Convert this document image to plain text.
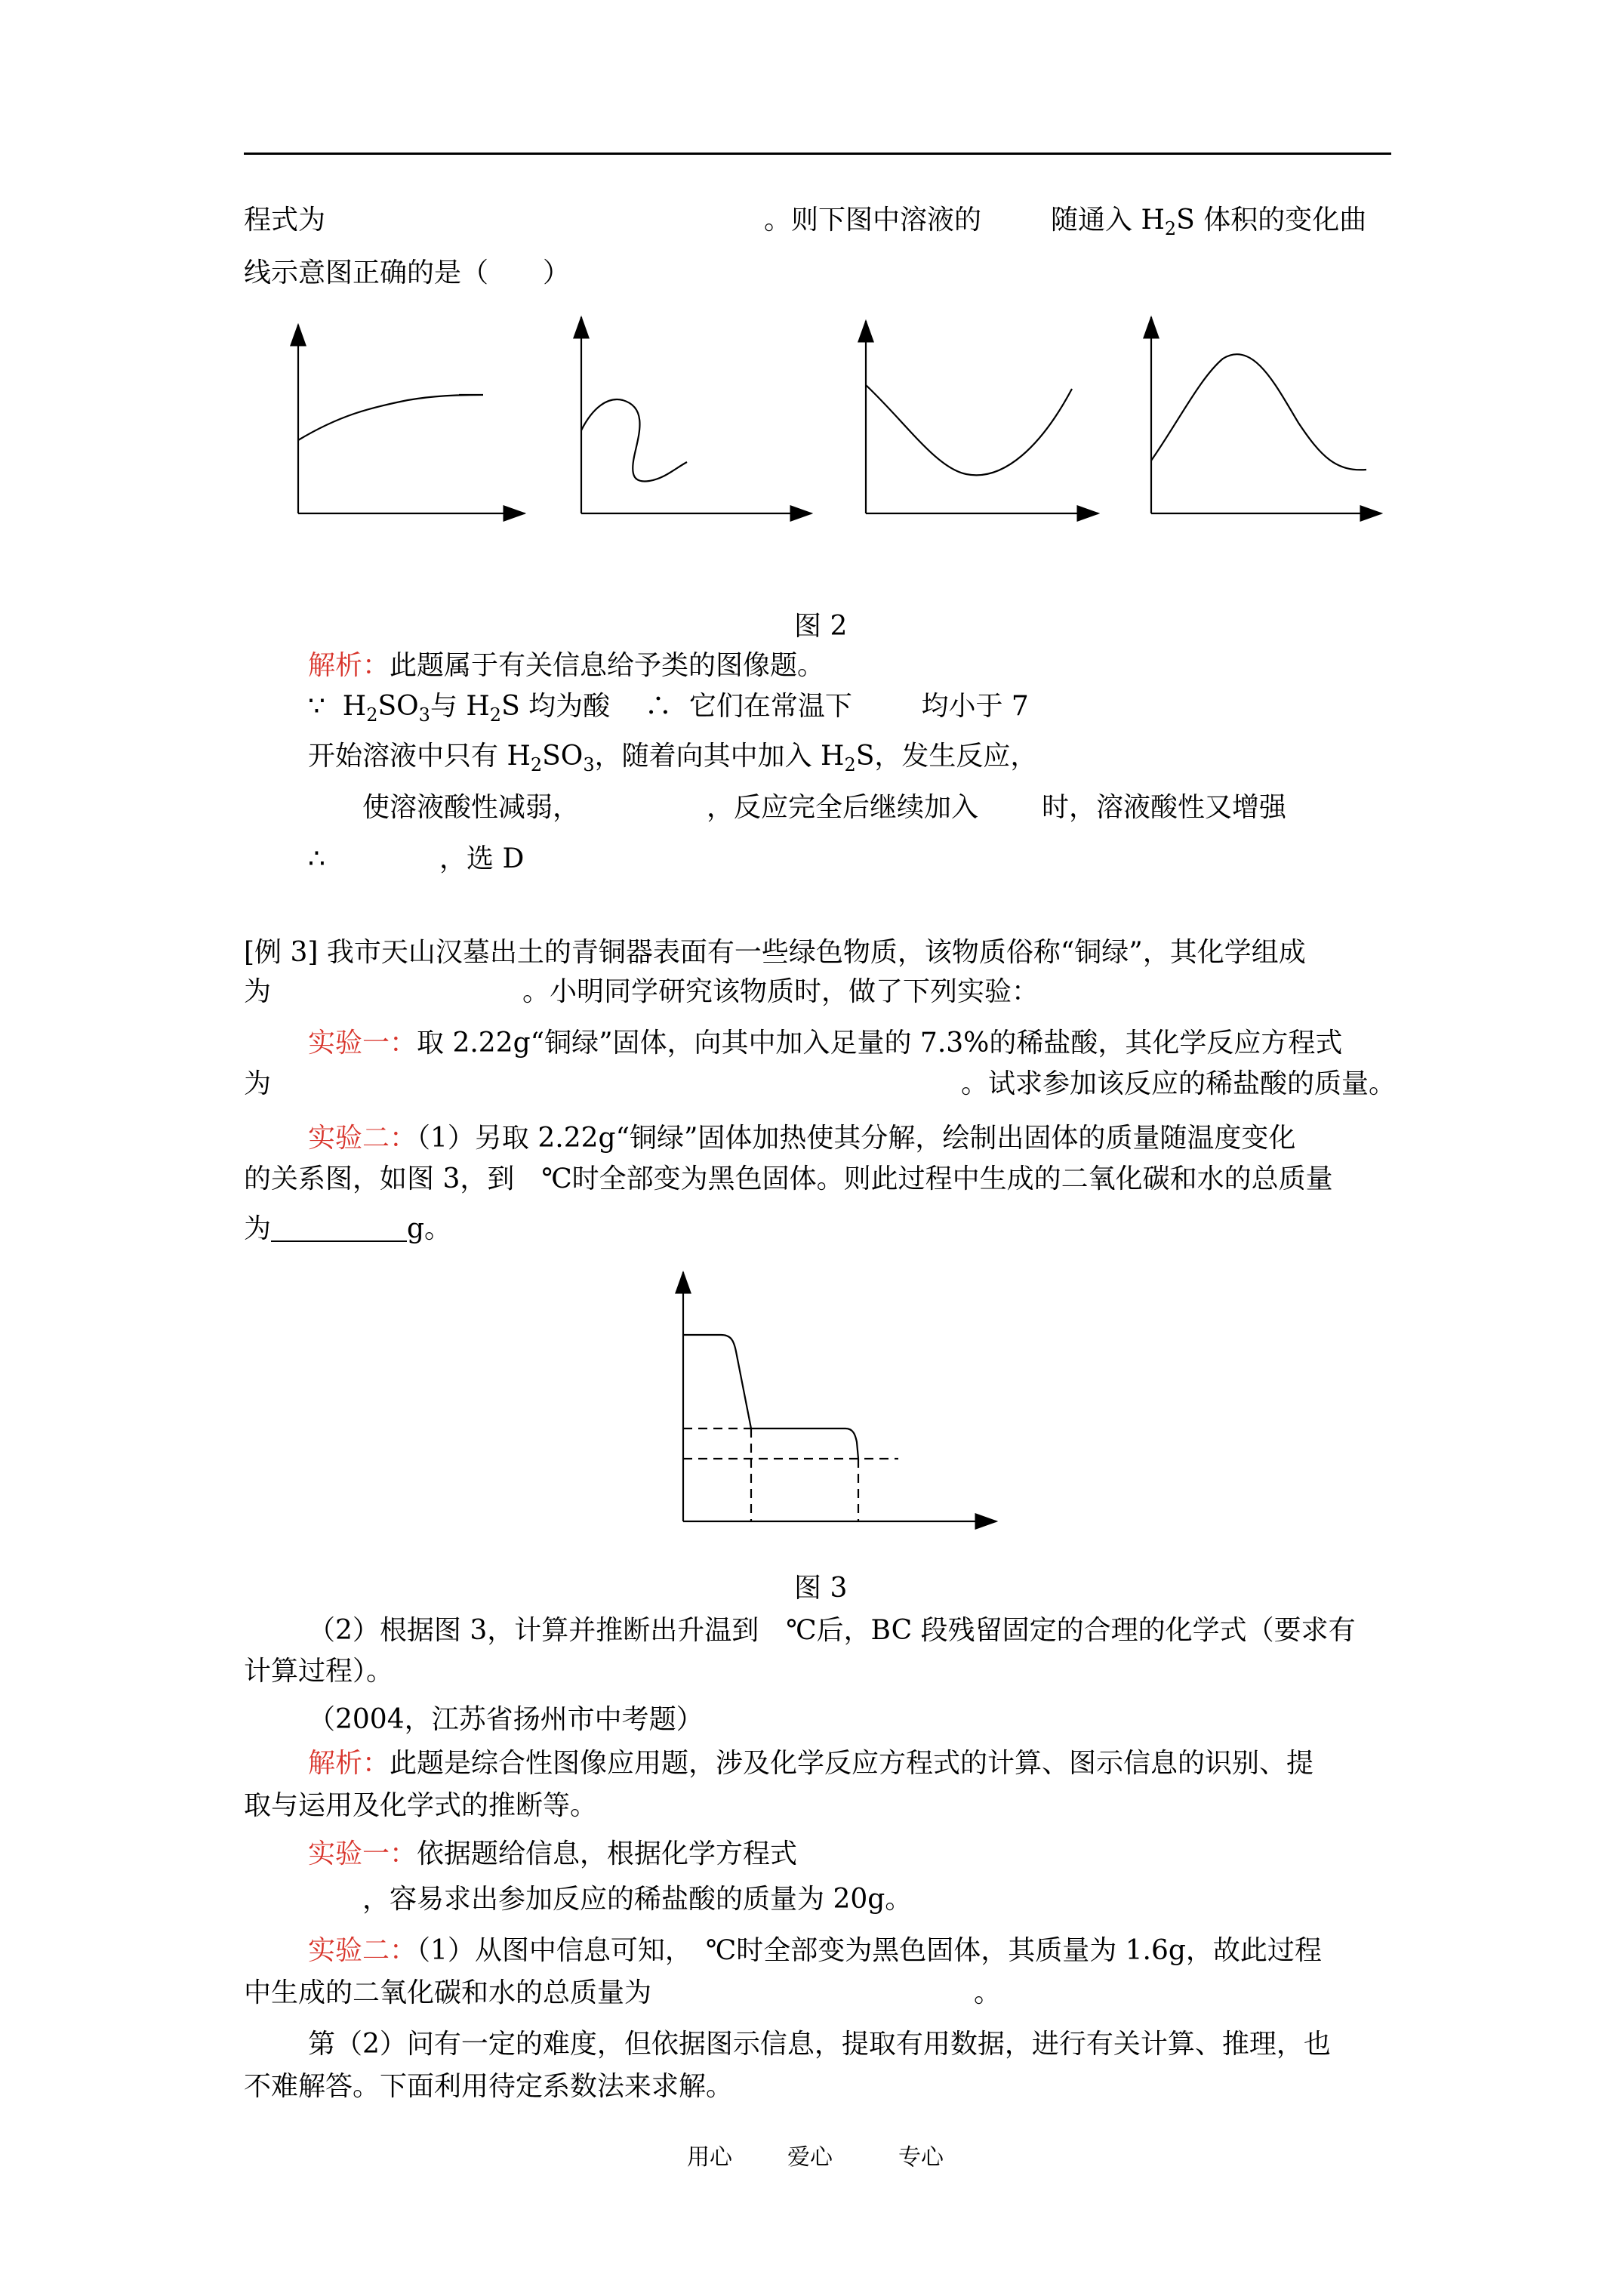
程式为	。则下图中溶液的	随通入 $H_2S$ 体积的变化曲
线示意图正确的是（　　）
图 2
解析：此题属于有关信息给予类的图像题。
∵ $H_2SO_3$与 $H_2S$ 均为酸 ∴ 它们在常温下	均小于 7
开始溶液中只有 $H_2SO_3$，随着向其中加入 $H_2S$，发生反应，
使溶液酸性减弱，	，反应完全后继续加入 时，溶液酸性又增强
∴	，选 D
[例 3] 我市天山汉墓出土的青铜器表面有一些绿色物质，该物质俗称“铜绿”，其化学组成
为	。小明同学研究该物质时，做了下列实验：
实验一：取 2.22g“铜绿”固体，向其中加入足量的 7.3%的稀盐酸，其化学反应方程式
为	。试求参加该反应的稀盐酸的质量。
实验二：（1）另取 2.22g“铜绿”固体加热使其分解，绘制出固体的质量随温度变化
的关系图，如图 3，到　℃时全部变为黑色固体。则此过程中生成的二氧化碳和水的总质量
为	g。
图 3
（2）根据图 3，计算并推断出升温到　℃后，BC 段残留固定的合理的化学式（要求有
计算过程）。
（2004，江苏省扬州市中考题）
解析：此题是综合性图像应用题，涉及化学反应方程式的计算、图示信息的识别、提
取与运用及化学式的推断等。
实验一：依据题给信息，根据化学方程式
，容易求出参加反应的稀盐酸的质量为 20g。
实验二：（1）从图中信息可知，　℃时全部变为黑色固体，其质量为 1.6g，故此过程
中生成的二氧化碳和水的总质量为	。
第（2）问有一定的难度，但依据图示信息，提取有用数据，进行有关计算、推理，也
不难解答。下面利用待定系数法来求解。
用心 爱心	专心
